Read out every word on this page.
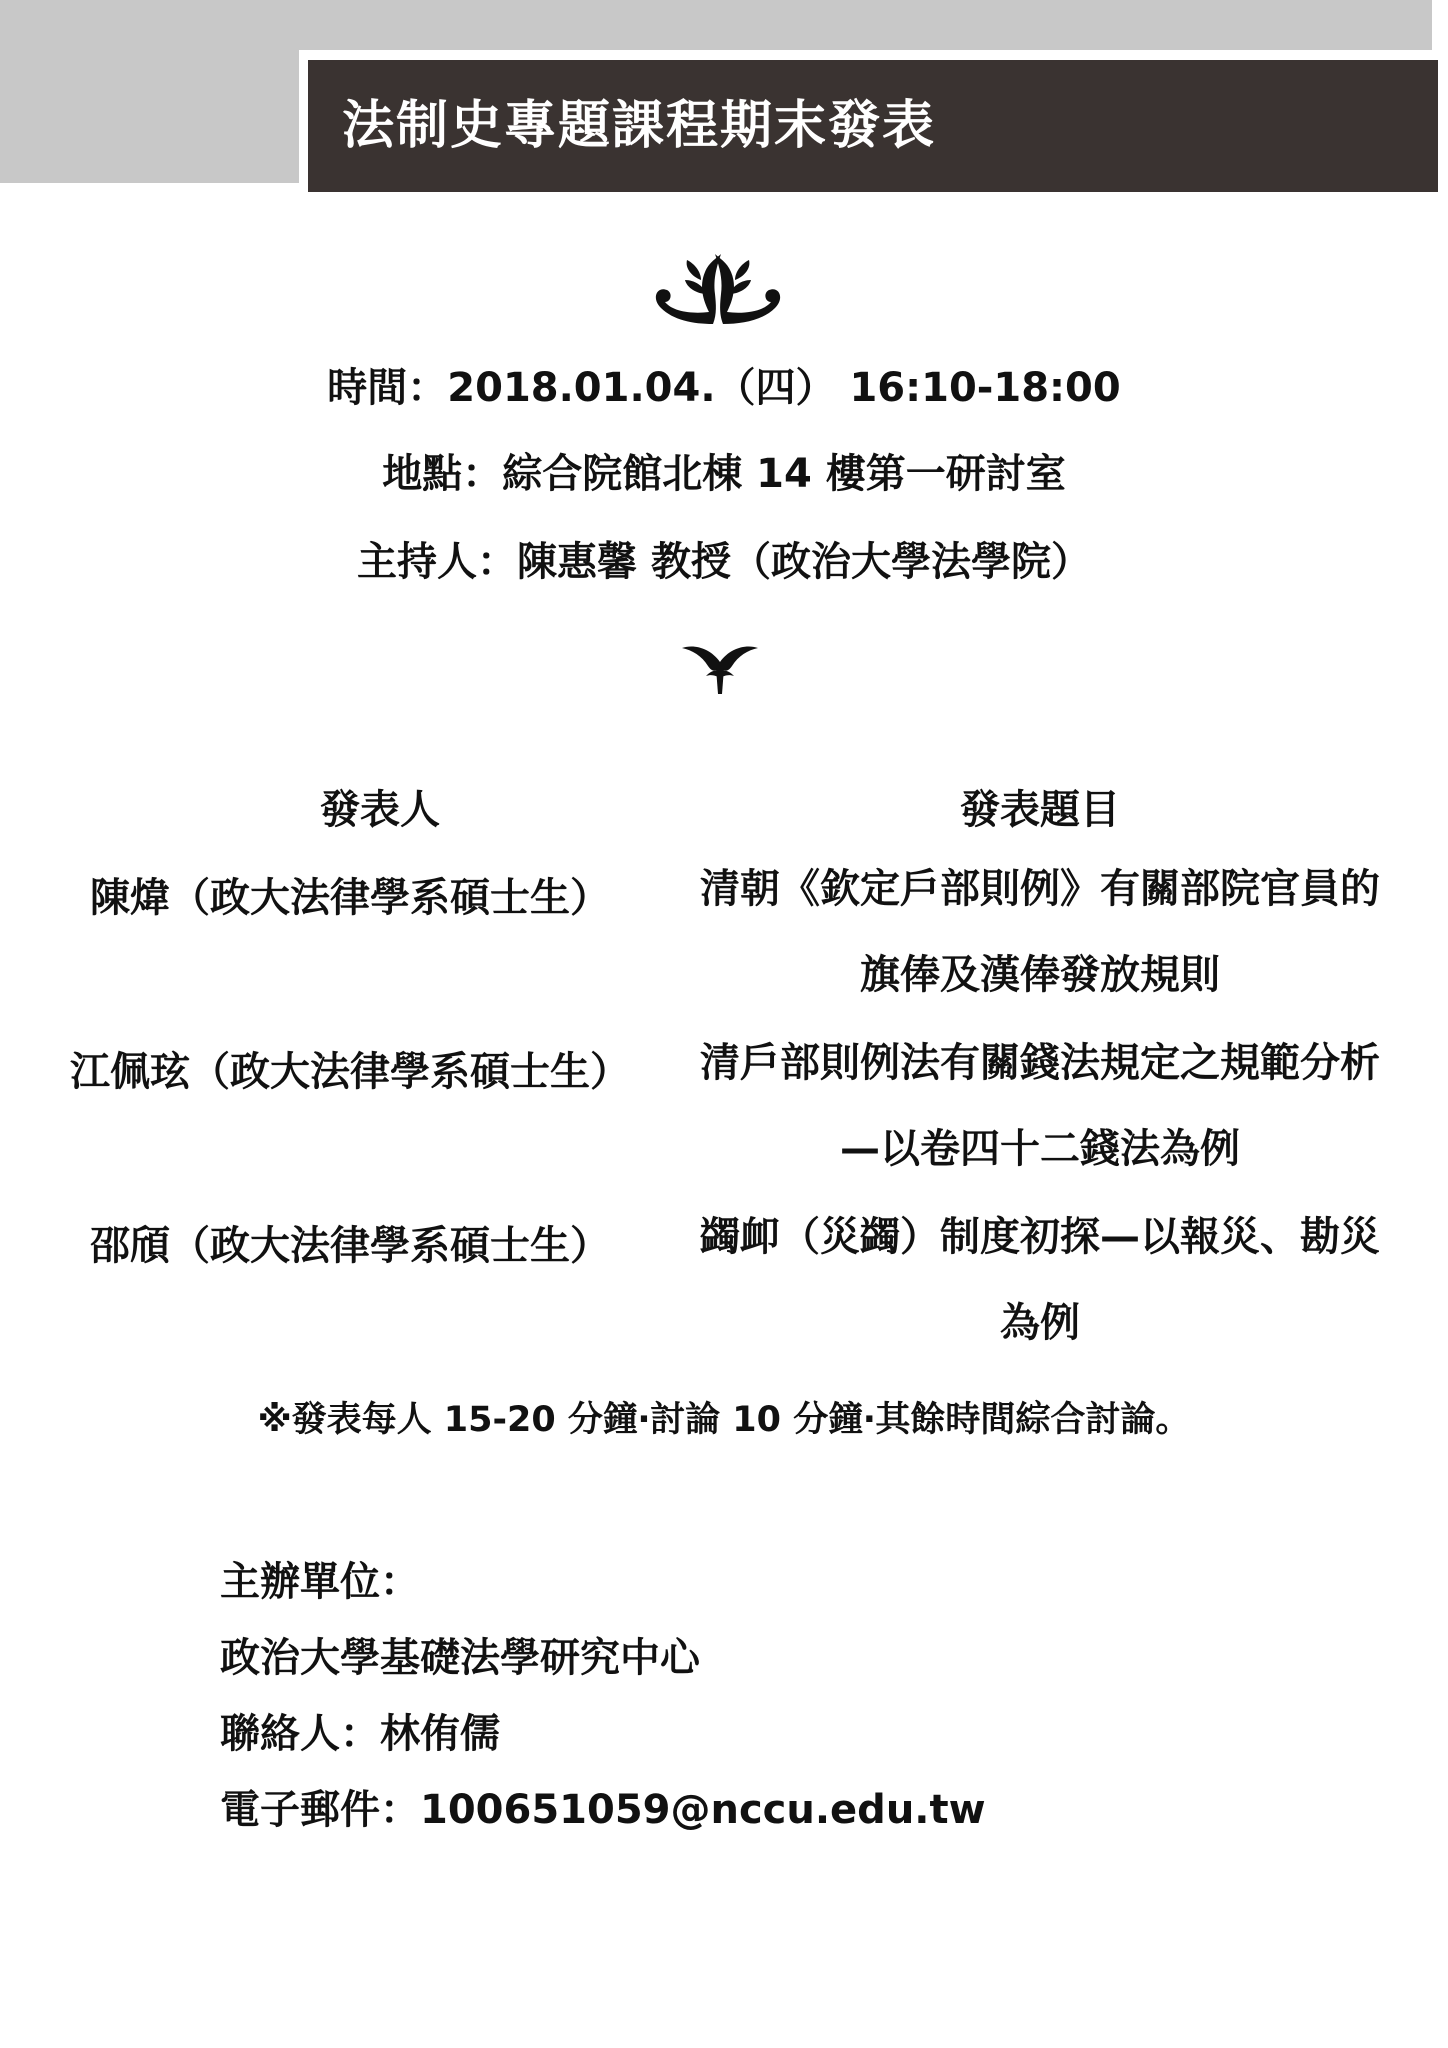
法制史專題課程期末發表
時間：2018.01.04.（四） 16:10-18:00
地點：綜合院館北棟 14 樓第一研討室
主持人：陳惠馨 教授（政治大學法學院）
發表人	發表題目
陳煒（政大法律學系碩士生）	清朝《欽定戶部則例》有關部院官員的旗俸及漢俸發放規則
江佩玹（政大法律學系碩士生）	清戶部則例法有關錢法規定之規範分析—以卷四十二錢法為例
邵頎（政大法律學系碩士生）	蠲卹（災蠲）制度初探—以報災、勘災為例
※發表每人 15-20 分鐘‧討論 10 分鐘‧其餘時間綜合討論。
主辦單位：
政治大學基礎法學研究中心
聯絡人：林侑儒
電子郵件：100651059@nccu.edu.tw
